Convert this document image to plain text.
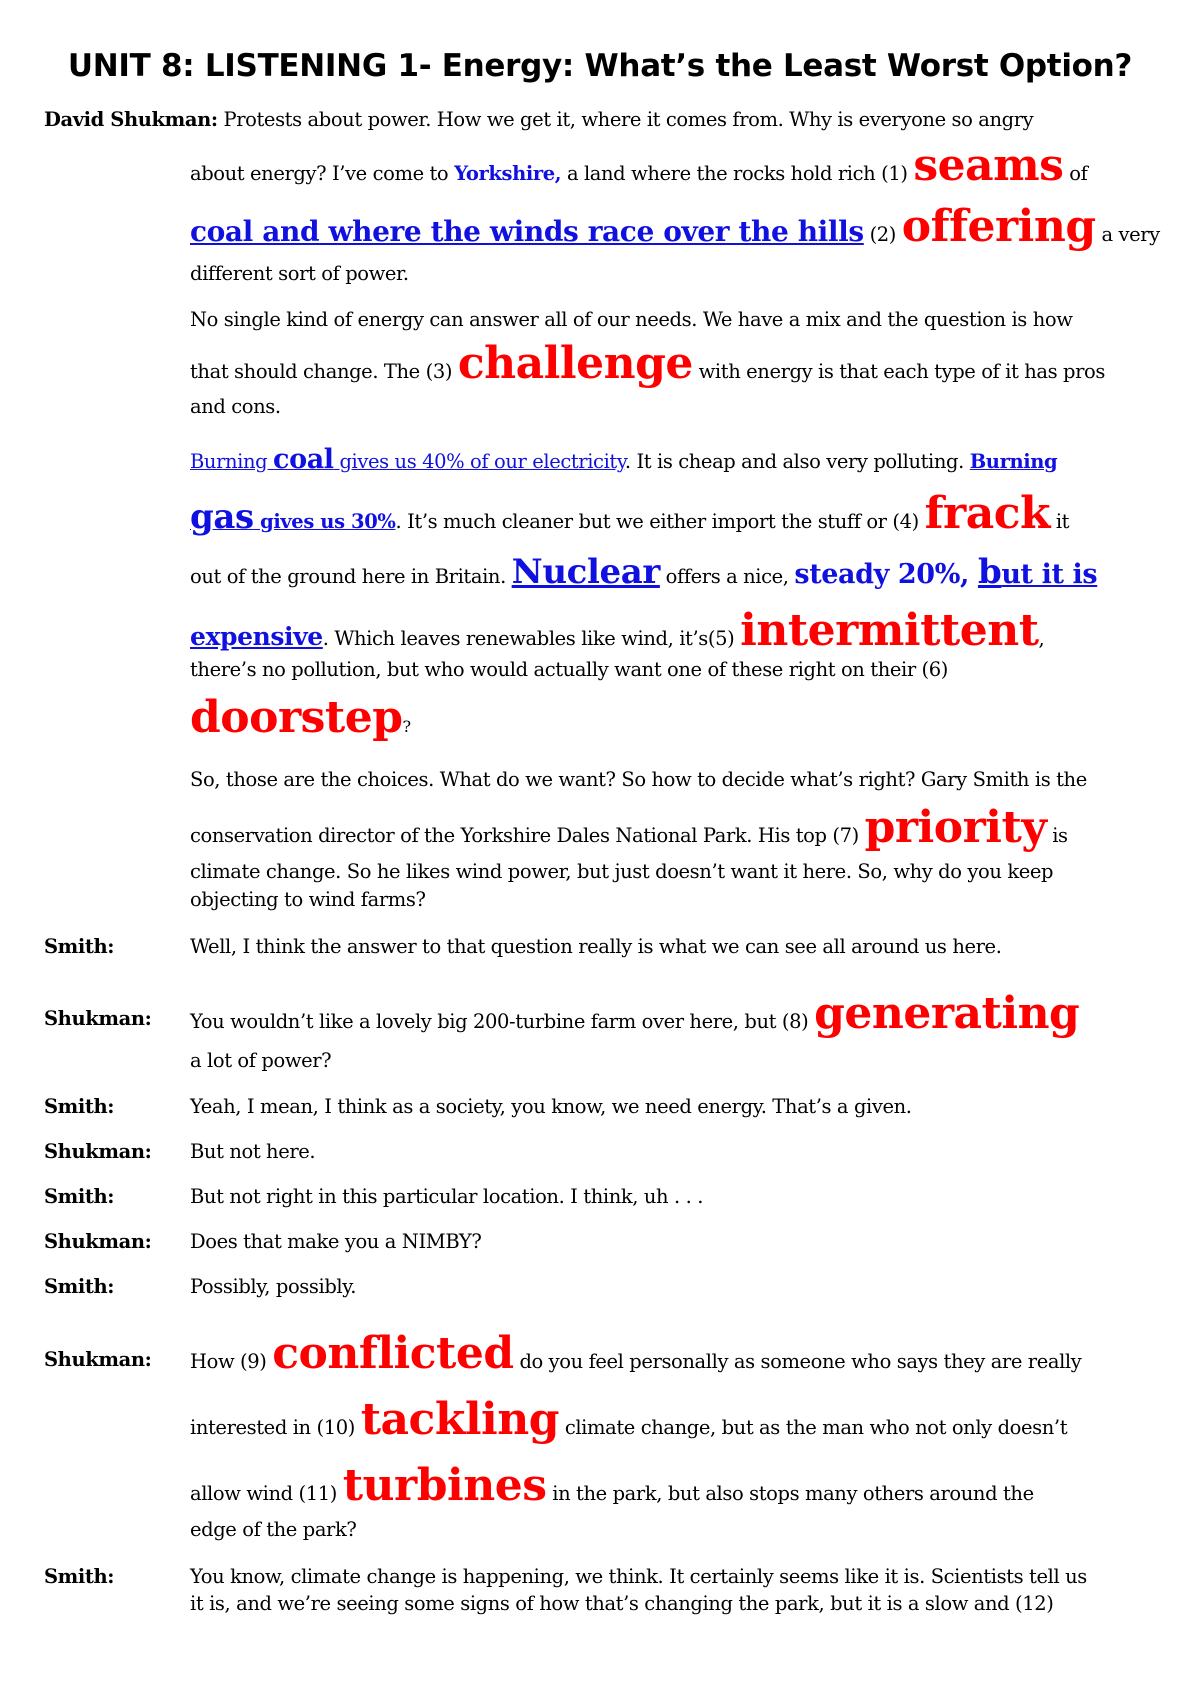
UNIT 8: LISTENING 1- Energy: What’s the Least Worst Option?
David Shukman: Protests about power. How we get it, where it comes from. Why is everyone so angry
about energy? I’ve come to Yorkshire, a land where the rocks hold rich (1) seams of
coal and where the winds race over the hills (2) offering a very
different sort of power.
No single kind of energy can answer all of our needs. We have a mix and the question is how
that should change. The (3) challenge with energy is that each type of it has pros
and cons.
Burning coal gives us 40% of our electricity. It is cheap and also very polluting. Burning
gas gives us 30%. It’s much cleaner but we either import the stuff or (4) frack it
out of the ground here in Britain. Nuclear offers a nice, steady 20%, but it is
expensive. Which leaves renewables like wind, it’s(5) intermittent,
there’s no pollution, but who would actually want one of these right on their (6)
doorstep?
So, those are the choices. What do we want? So how to decide what’s right? Gary Smith is the
conservation director of the Yorkshire Dales National Park. His top (7) priority is
climate change. So he likes wind power, but just doesn’t want it here. So, why do you keep
objecting to wind farms?
Smith:	Well, I think the answer to that question really is what we can see all around us here.
Shukman: You wouldn’t like a lovely big 200-turbine farm over here, but (8) generating
a lot of power?
Smith:	Yeah, I mean, I think as a society, you know, we need energy. That’s a given.
Shukman: But not here.
Smith:	But not right in this particular location. I think, uh . . .
Shukman: Does that make you a NIMBY?
Smith:	Possibly, possibly.
Shukman: How (9) conflicted do you feel personally as someone who says they are really
interested in (10) tackling climate change, but as the man who not only doesn’t
allow wind (11) turbines in the park, but also stops many others around the
edge of the park?
Smith:	You know, climate change is happening, we think. It certainly seems like it is. Scientists tell us
it is, and we’re seeing some signs of how that’s changing the park, but it is a slow and (12)
